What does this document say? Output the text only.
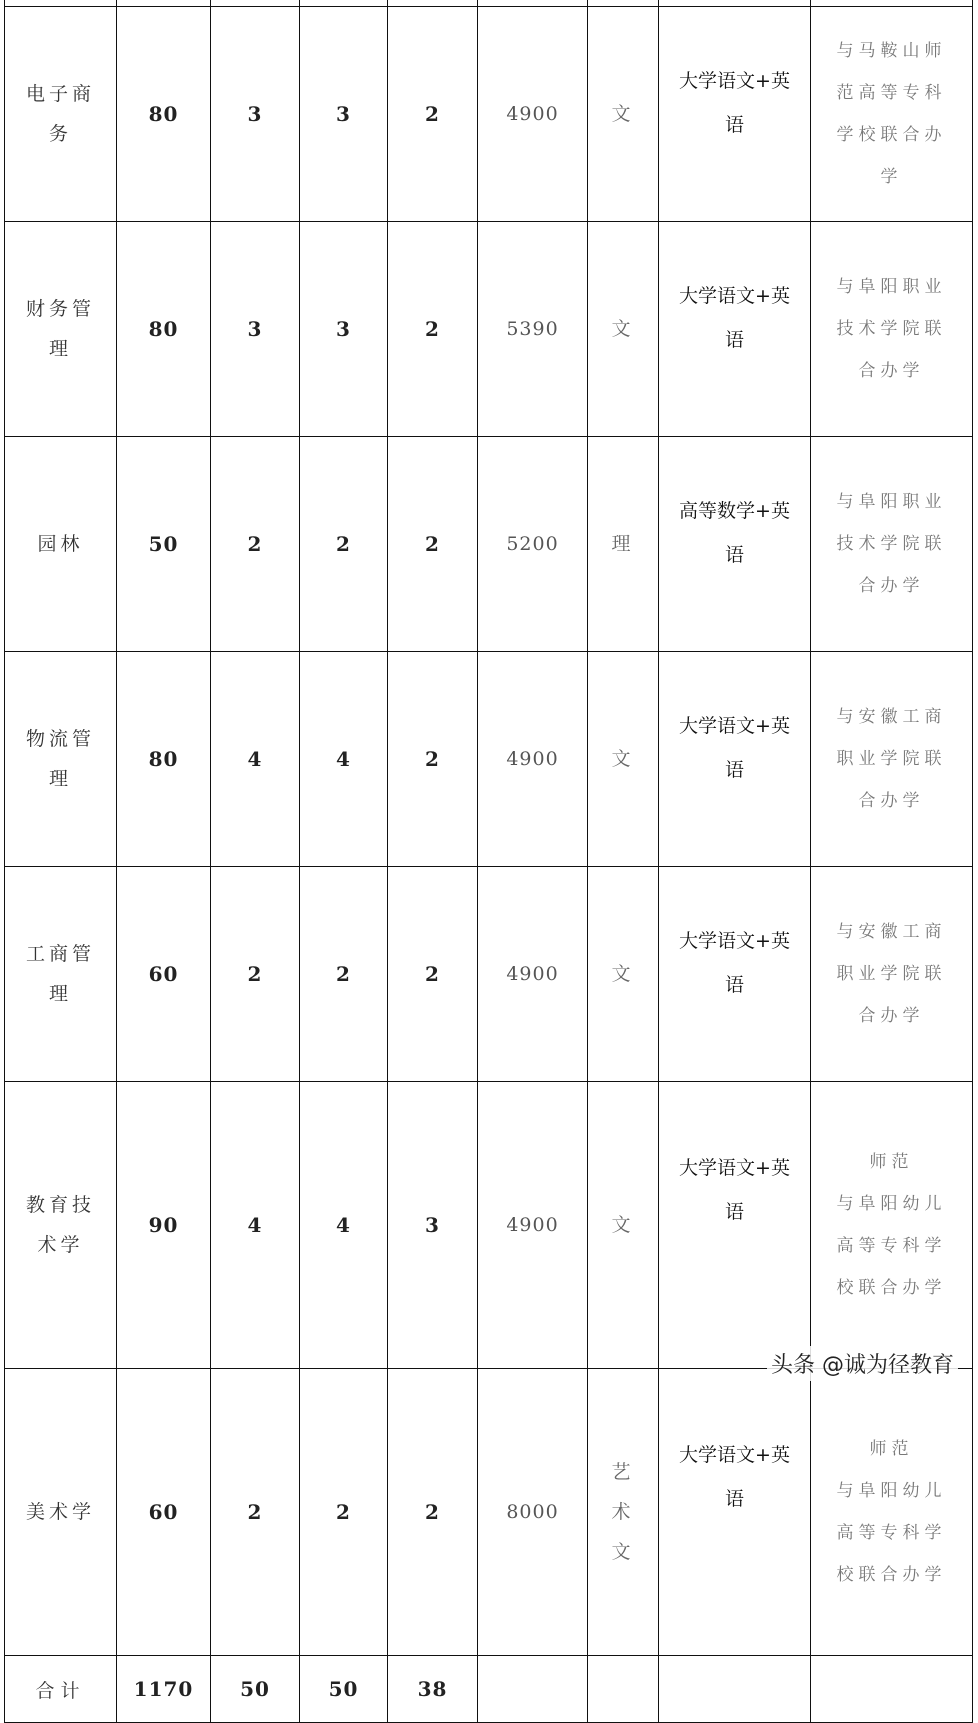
电子商务	80	3	3	2	4900	文	大学语文+英语	与马鞍山师范高等专科学校联合办学

财务管理	80	3	3	2	5390	文	大学语文+英语	与阜阳职业技术学院联合办学

园林	50	2	2	2	5200	理	高等数学+英语	与阜阳职业技术学院联合办学

物流管理	80	4	4	2	4900	文	大学语文+英语	与安徽工商职业学院联合办学

工商管理	60	2	2	2	4900	文	大学语文+英语	与安徽工商职业学院联合办学

教育技术学	90	4	4	3	4900	文	大学语文+英语	师范
与阜阳幼儿高等专科学校联合办学

美术学	60	2	2	2	8000	艺术文	大学语文+英语	师范
与阜阳幼儿高等专科学校联合办学

合计	1170	50	50	38				
头条 @诚为径教育
